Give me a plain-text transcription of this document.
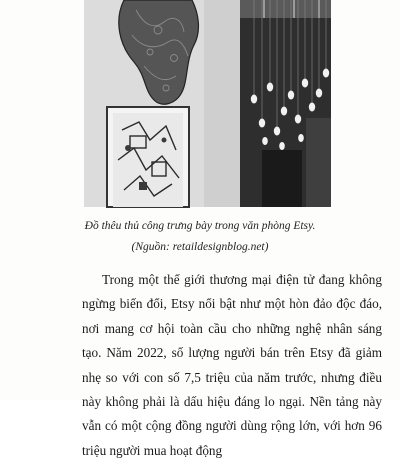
Đồ thêu thủ công trưng bày trong văn phòng Etsy.
(Nguồn: retaildesignblog.net)

Trong một thế giới thương mại điện tử đang không ngừng biến đổi, Etsy nổi bật như một hòn đảo độc đáo, nơi mang cơ hội toàn cầu cho những nghệ nhân sáng tạo. Năm 2022, số lượng người bán trên Etsy đã giảm nhẹ so với con số 7,5 triệu của năm trước, nhưng điều này không phải là dấu hiệu đáng lo ngại. Nền tảng này vẫn có một cộng đồng người dùng rộng lớn, với hơn 96 triệu người mua hoạt động
